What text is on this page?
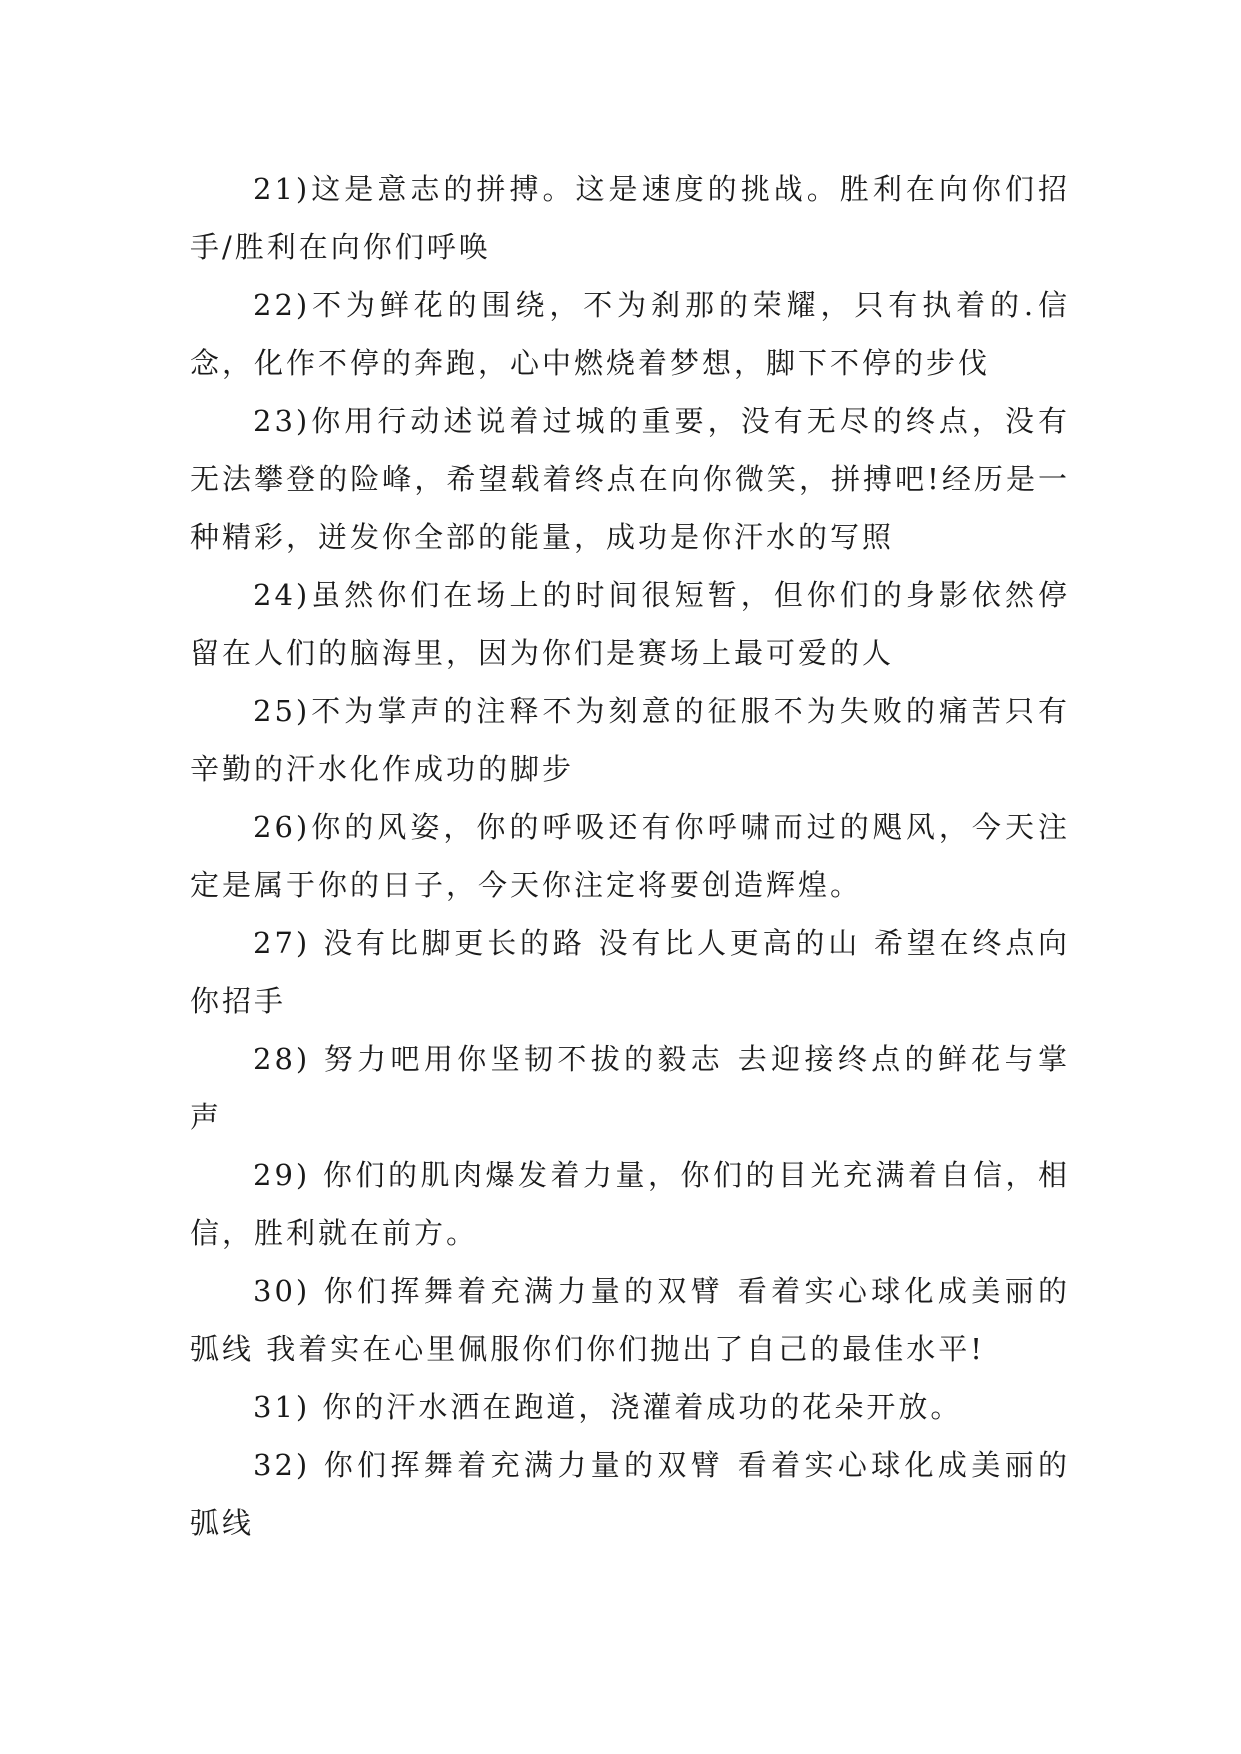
21)这是意志的拼搏。这是速度的挑战。胜利在向你们招手/胜利在向你们呼唤

22)不为鲜花的围绕，不为刹那的荣耀，只有执着的.信念，化作不停的奔跑，心中燃烧着梦想，脚下不停的步伐

23)你用行动述说着过城的重要，没有无尽的终点，没有无法攀登的险峰，希望载着终点在向你微笑，拼搏吧!经历是一种精彩，迸发你全部的能量，成功是你汗水的写照

24)虽然你们在场上的时间很短暂，但你们的身影依然停留在人们的脑海里，因为你们是赛场上最可爱的人

25)不为掌声的注释不为刻意的征服不为失败的痛苦只有辛勤的汗水化作成功的脚步

26)你的风姿，你的呼吸还有你呼啸而过的飓风，今天注定是属于你的日子，今天你注定将要创造辉煌。

27) 没有比脚更长的路 没有比人更高的山 希望在终点向你招手

28) 努力吧用你坚韧不拔的毅志 去迎接终点的鲜花与掌声

29) 你们的肌肉爆发着力量，你们的目光充满着自信，相信，胜利就在前方。

30) 你们挥舞着充满力量的双臂 看着实心球化成美丽的弧线 我着实在心里佩服你们你们抛出了自己的最佳水平!

31) 你的汗水洒在跑道，浇灌着成功的花朵开放。

32) 你们挥舞着充满力量的双臂 看着实心球化成美丽的弧线
